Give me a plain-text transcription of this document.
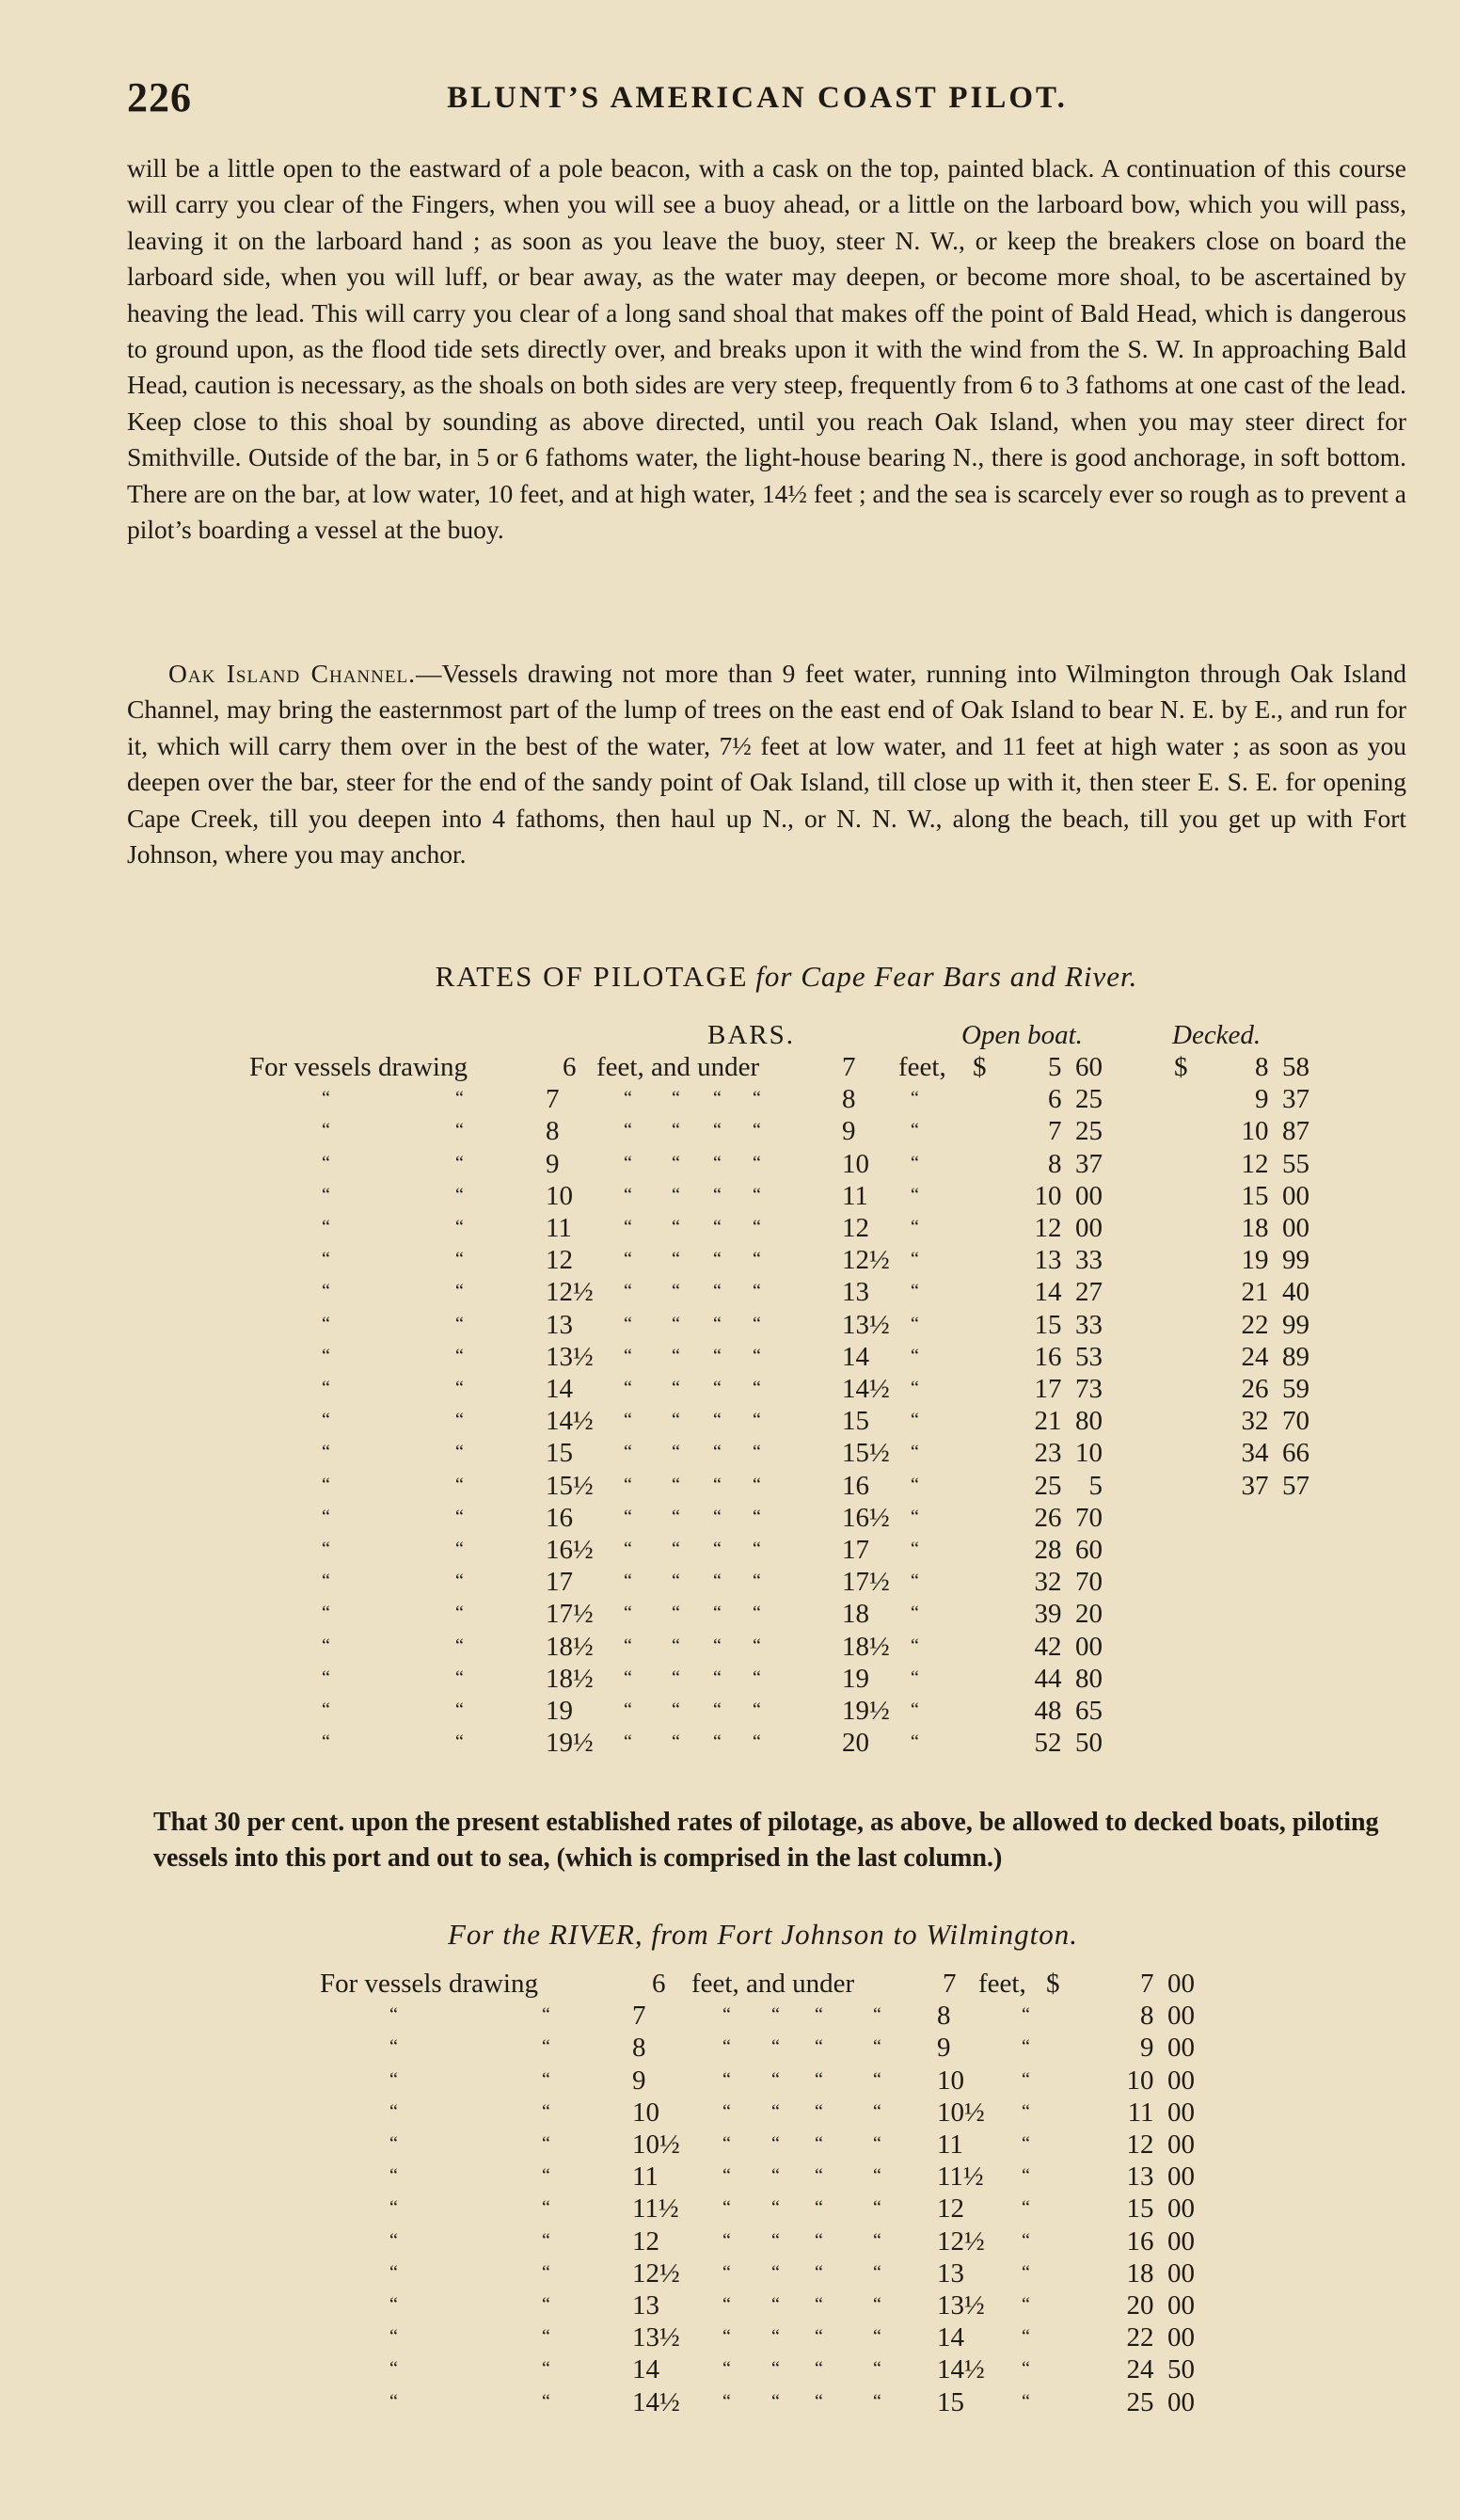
226	BLUNT’S AMERICAN COAST PILOT.

will be a little open to the eastward of a pole beacon, with a cask on the top, painted black. A continuation of this course will carry you clear of the Fingers, when you will see a buoy ahead, or a little on the larboard bow, which you will pass, leaving it on the larboard hand ; as soon as you leave the buoy, steer N. W., or keep the breakers close on board the larboard side, when you will luff, or bear away, as the water may deepen, or become more shoal, to be ascertained by heaving the lead. This will carry you clear of a long sand shoal that makes off the point of Bald Head, which is dangerous to ground upon, as the flood tide sets directly over, and breaks upon it with the wind from the S. W. In approaching Bald Head, caution is necessary, as the shoals on both sides are very steep, frequently from 6 to 3 fathoms at one cast of the lead. Keep close to this shoal by sounding as above directed, until you reach Oak Island, when you may steer direct for Smithville. Outside of the bar, in 5 or 6 fathoms water, the light-house bearing N., there is good anchorage, in soft bottom. There are on the bar, at low water, 10 feet, and at high water, 14½ feet ; and the sea is scarcely ever so rough as to prevent a pilot’s boarding a vessel at the buoy.

Oak Island Channel.—Vessels drawing not more than 9 feet water, running into Wilmington through Oak Island Channel, may bring the easternmost part of the lump of trees on the east end of Oak Island to bear N. E. by E., and run for it, which will carry them over in the best of the water, 7½ feet at low water, and 11 feet at high water ; as soon as you deepen over the bar, steer for the end of the sandy point of Oak Island, till close up with it, then steer E. S. E. for opening Cape Creek, till you deepen into 4 fathoms, then haul up N., or N. N. W., along the beach, till you get up with Fort Johnson, where you may anchor.

RATES OF PILOTAGE for Cape Fear Bars and River.
BARS.	Open boat.	Decked.
For vessels drawing	6 feet, and under	7 feet, $	5  60	$	8  58
“	“	7	“ “ “ “	8	“	6  25	9  37
“	“	8	“ “ “ “	9	“	7  25	10  87
“	“	9	“ “ “ “	10 “	8  37	12  55
“	“	10	“ “ “ “	11 “	10  00	15  00
“	“	11	“ “ “ “	12 “	12  00	18  00
“	“	12	“ “ “ “	12½ “	13  33	19  99
“	“	12½ “ “ “ “	13 “	14  27	21  40
“	“	13	“ “ “ “	13½ “	15  33	22  99
“	“	13½ “ “ “ “	14 “	16  53	24  89
“	“	14	“ “ “ “	14½ “	17  73	26  59
“	“	14½ “ “ “ “	15 “	21  80	32  70
“	“	15	“ “ “ “	15½ “	23  10	34  66
“	“	15½ “ “ “ “	16 “	25    5	37  57
“	“	16	“ “ “ “	16½ “	26  70
“	“	16½ “ “ “ “	17 “	28  60
“	“	17	“ “ “ “	17½ “	32  70
“	“	17½ “ “ “ “	18 “	39  20
“	“	18½ “ “ “ “	18½ “	42  00
“	“	18½ “ “ “ “	19 “	44  80
“	“	19	“ “ “ “	19½ “	48  65
“	“	19½ “ “ “ “	20 “	52  50
That 30 per cent. upon the present established rates of pilotage, as above, be allowed to decked boats, piloting vessels into this port and out to sea, (which is comprised in the last column.)
For the RIVER, from Fort Johnson to Wilmington.
For vessels drawing	6 feet, and under	7 feet, $	7  00
“	“	7	“ “ “	“ 8	“	8  00
“	“	8	“ “ “	“ 9	“	9  00
“	“	9	“ “ “	“ 10	“	10  00
“	“	10	“ “ “	“ 10½ “	11  00
“	“	10½ “ “ “	“ 11	“	12  00
“	“	11	“ “ “	“ 11½ “	13  00
“	“	11½ “ “ “	“ 12	“	15  00
“	“	12	“ “ “	“ 12½ “	16  00
“	“	12½ “ “ “	“ 13	“	18  00
“	“	13	“ “ “	“ 13½ “	20  00
“	“	13½ “ “ “	“ 14	“	22  00
“	“	14	“ “ “	“ 14½ “	24  50
“	“	14½ “ “ “	“ 15	“	25  00
